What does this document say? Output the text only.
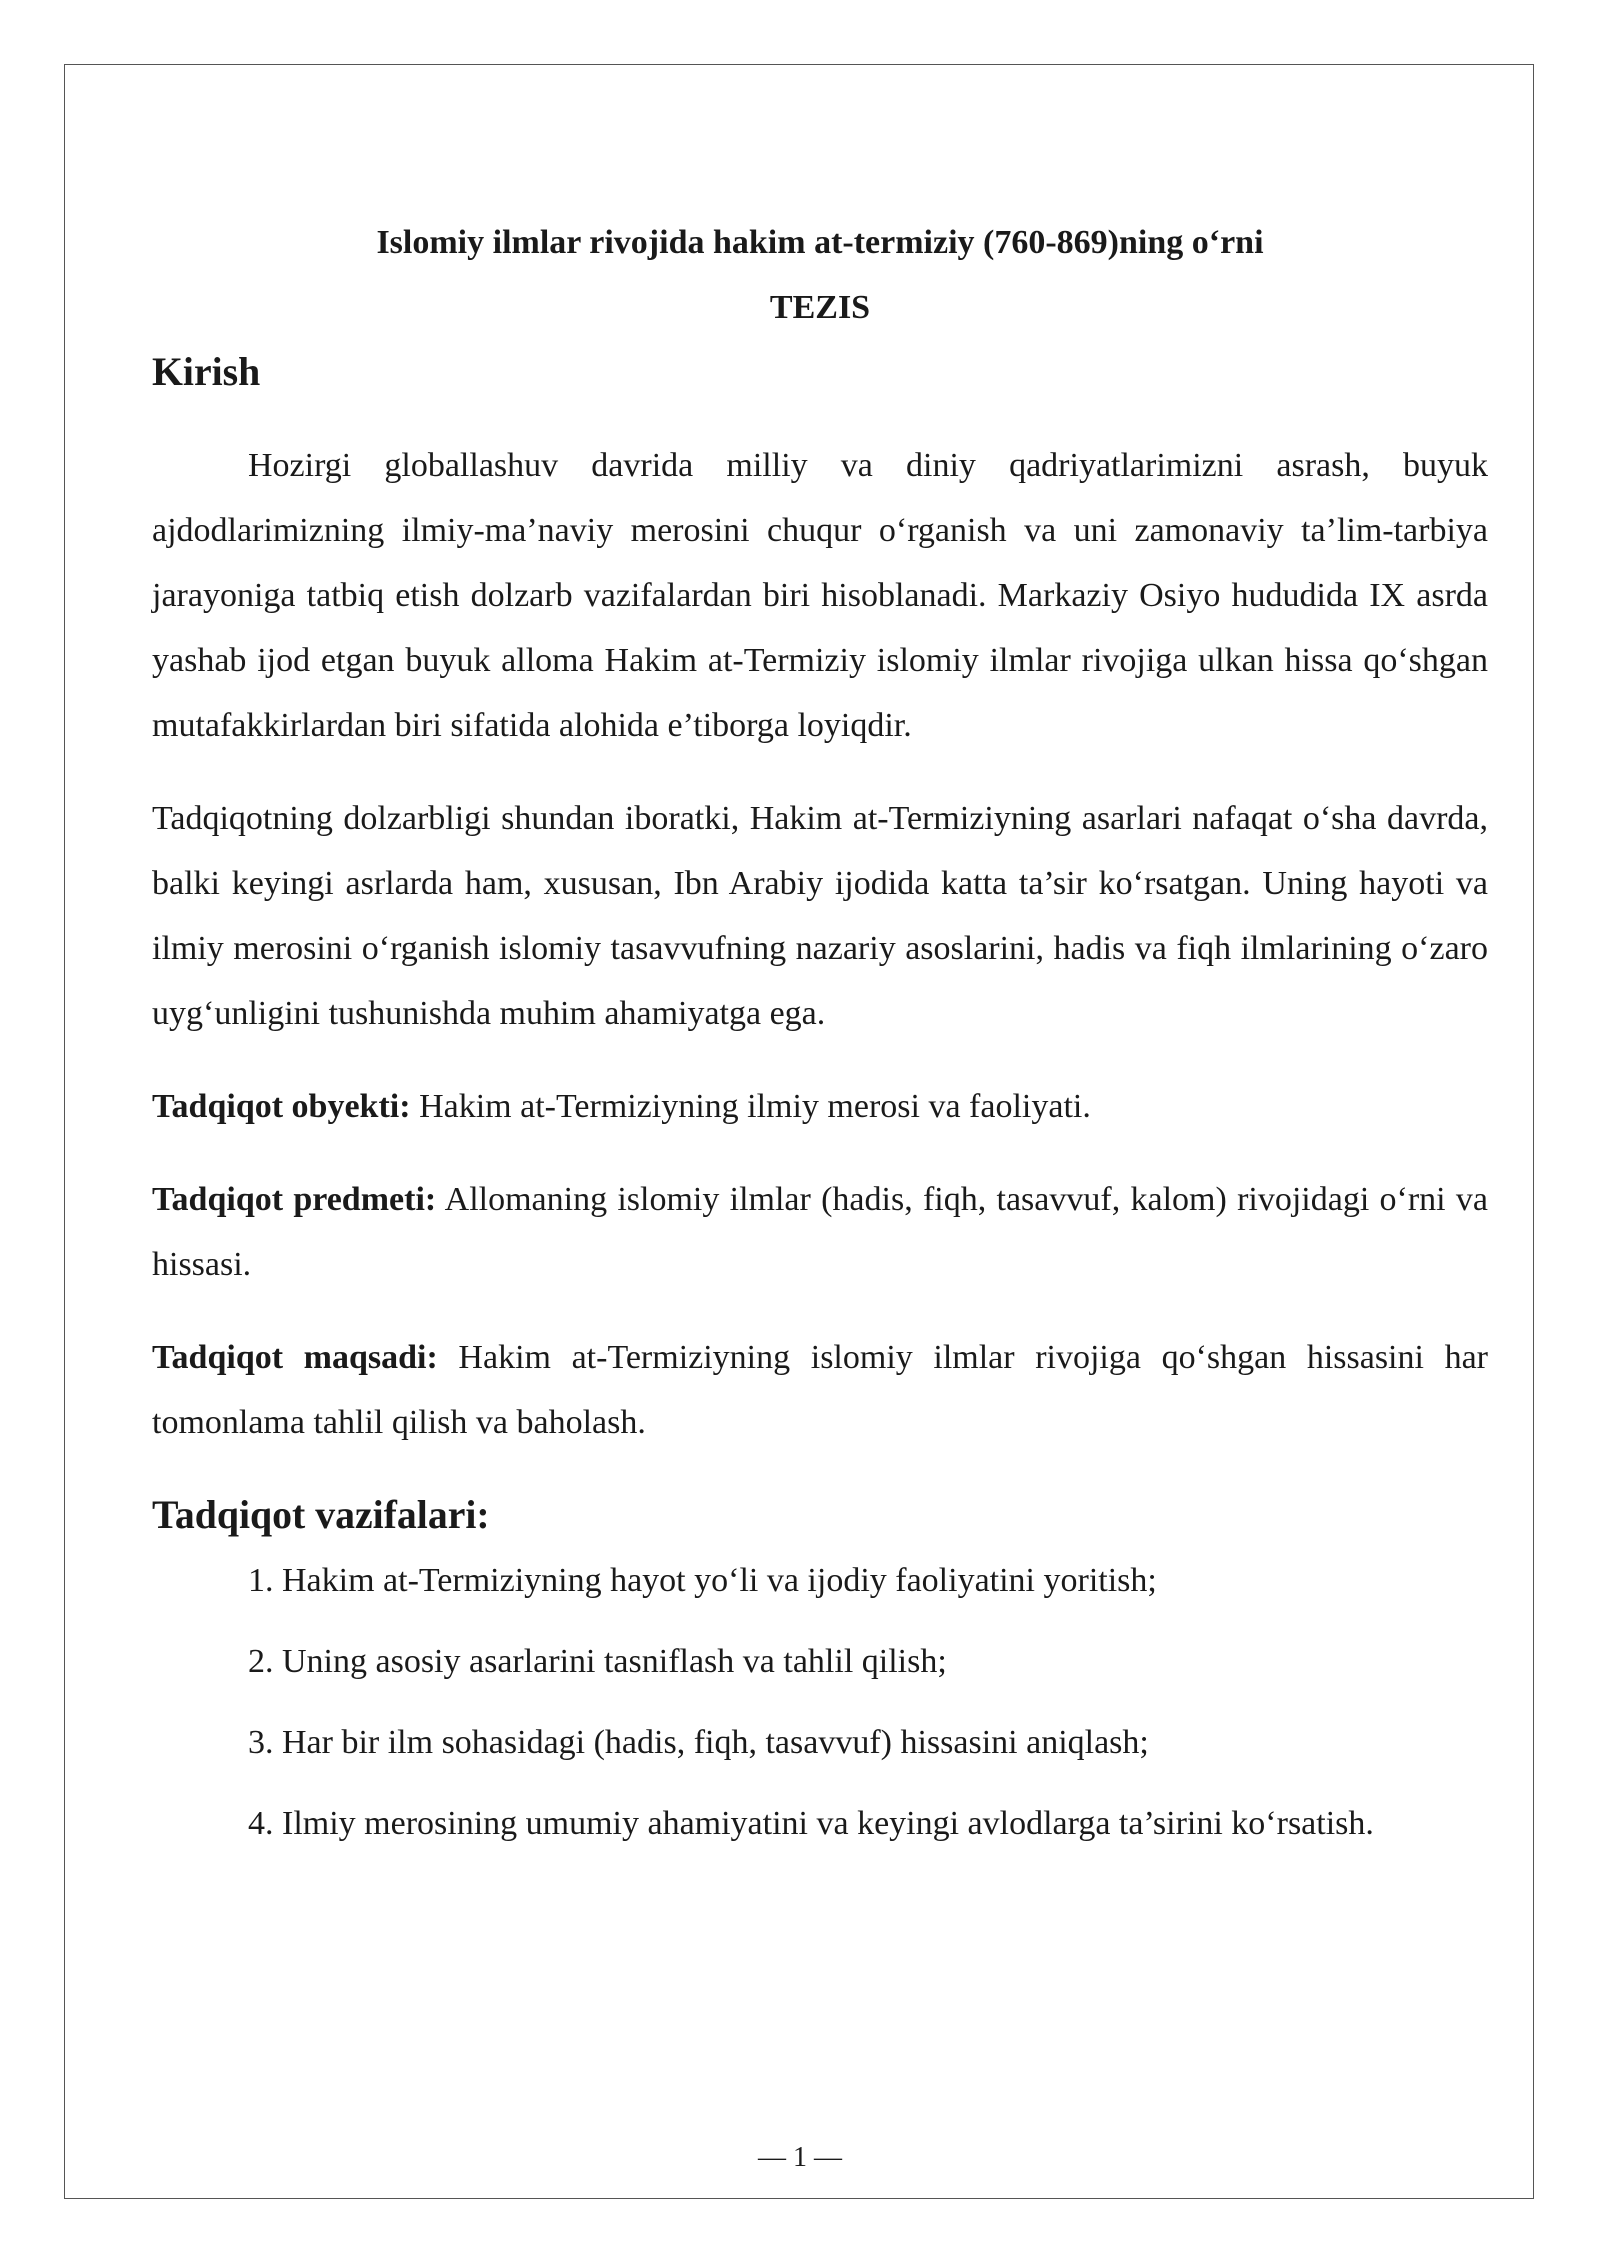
Islomiy ilmlar rivojida hakim at-termiziy (760-869)ning o‘rni
TEZIS
Kirish

Hozirgi globallashuv davrida milliy va diniy qadriyatlarimizni asrash, buyuk ajdodlarimizning ilmiy-ma’naviy merosini chuqur o‘rganish va uni zamonaviy ta’lim-tarbiya jarayoniga tatbiq etish dolzarb vazifalardan biri hisoblanadi. Markaziy Osiyo hududida IX asrda yashab ijod etgan buyuk alloma Hakim at-Termiziy islomiy ilmlar rivojiga ulkan hissa qo‘shgan mutafakkirlardan biri sifatida alohida e’tiborga loyiqdir.

Tadqiqotning dolzarbligi shundan iboratki, Hakim at-Termiziyning asarlari nafaqat o‘sha davrda, balki keyingi asrlarda ham, xususan, Ibn Arabiy ijodida katta ta’sir ko‘rsatgan. Uning hayoti va ilmiy merosini o‘rganish islomiy tasavvufning nazariy asoslarini, hadis va fiqh ilmlarining o‘zaro uyg‘unligini tushunishda muhim ahamiyatga ega.

Tadqiqot obyekti: Hakim at-Termiziyning ilmiy merosi va faoliyati.

Tadqiqot predmeti: Allomaning islomiy ilmlar (hadis, fiqh, tasavvuf, kalom) rivojidagi o‘rni va hissasi.

Tadqiqot maqsadi: Hakim at-Termiziyning islomiy ilmlar rivojiga qo‘shgan hissasini har tomonlama tahlil qilish va baholash.

Tadqiqot vazifalari:
1. Hakim at-Termiziyning hayot yo‘li va ijodiy faoliyatini yoritish;
2. Uning asosiy asarlarini tasniflash va tahlil qilish;
3. Har bir ilm sohasidagi (hadis, fiqh, tasavvuf) hissasini aniqlash;
4. Ilmiy merosining umumiy ahamiyatini va keyingi avlodlarga ta’sirini ko‘rsatish.
— 1 —
